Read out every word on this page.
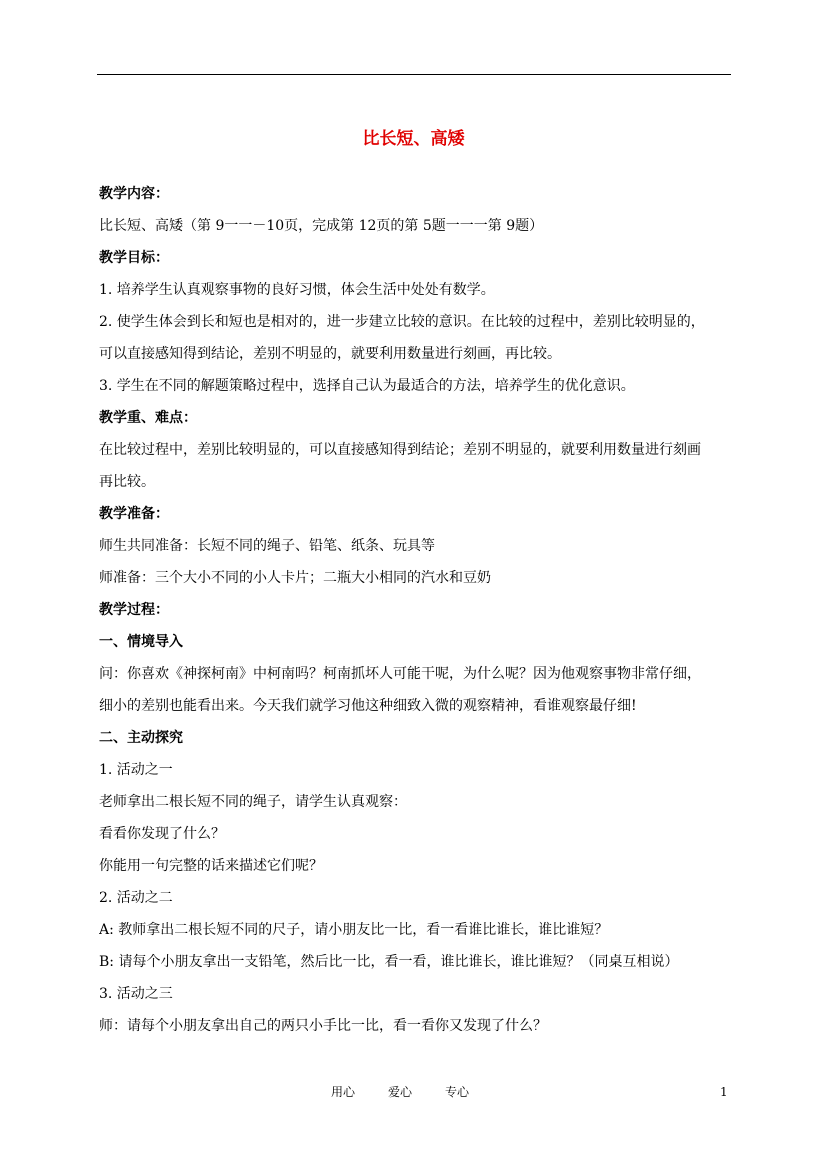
比长短、高矮
教学内容：
比长短、高矮（第 9一一－10页，完成第 12页的第 5题一一一第 9题）
教学目标：
1. 培养学生认真观察事物的良好习惯，体会生活中处处有数学。
2. 使学生体会到长和短也是相对的，进一步建立比较的意识。在比较的过程中，差别比较明显的，
可以直接感知得到结论，差别不明显的，就要利用数量进行刻画，再比较。
3. 学生在不同的解题策略过程中，选择自己认为最适合的方法，培养学生的优化意识。
教学重、难点：
在比较过程中，差别比较明显的，可以直接感知得到结论；差别不明显的，就要利用数量进行刻画
再比较。
教学准备：
师生共同准备：长短不同的绳子、铅笔、纸条、玩具等
师准备：三个大小不同的小人卡片；二瓶大小相同的汽水和豆奶
教学过程：
一、情境导入
问：你喜欢《神探柯南》中柯南吗？柯南抓坏人可能干呢，为什么呢？因为他观察事物非常仔细，
细小的差别也能看出来。今天我们就学习他这种细致入微的观察精神，看谁观察最仔细!
二、主动探究
1. 活动之一
老师拿出二根长短不同的绳子，请学生认真观察：
看看你发现了什么？
你能用一句完整的话来描述它们呢？
2. 活动之二
A: 教师拿出二根长短不同的尺子，请小朋友比一比，看一看谁比谁长，谁比谁短？
B: 请每个小朋友拿出一支铅笔，然后比一比，看一看，谁比谁长，谁比谁短？（同桌互相说）
3. 活动之三
师：请每个小朋友拿出自己的两只小手比一比，看一看你又发现了什么？
用心	爱心	专心	1
